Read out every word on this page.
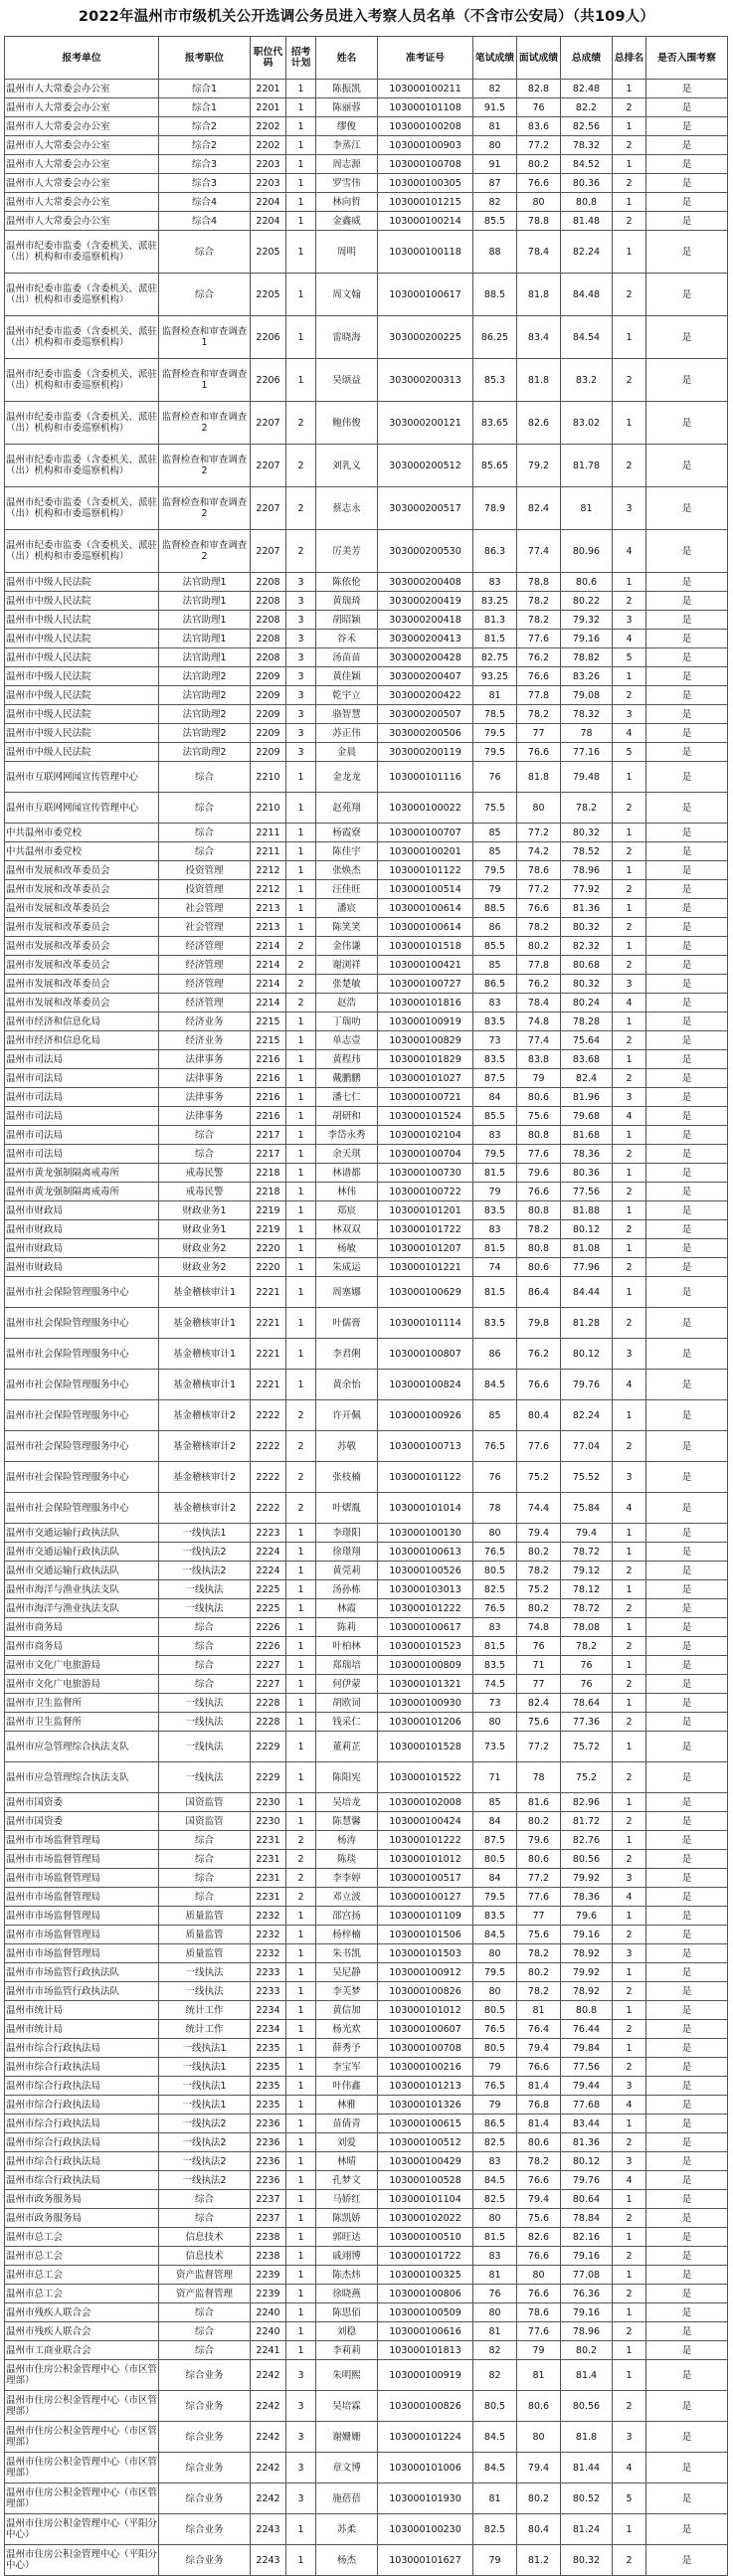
2022年温州市市级机关公开选调公务员进入考察人员名单（不含市公安局）（共109人）
报考单位	报考职位	职位代码	招考计划	姓名	准考证号	笔试成绩	面试成绩	总成绩	总排名	是否入围考察
温州市人大常委会办公室	综合1	2201	1	陈振凯	103000100211	82	82.8	82.48	1	是
温州市人大常委会办公室	综合1	2201	1	陈丽蓉	103000101108	91.5	76	82.2	2	是
温州市人大常委会办公室	综合2	2202	1	缪俊	103000100208	81	83.6	82.56	1	是
温州市人大常委会办公室	综合2	2202	1	李蒸江	103000100903	80	77.2	78.32	2	是
温州市人大常委会办公室	综合3	2203	1	周志源	103000100708	91	80.2	84.52	1	是
温州市人大常委会办公室	综合3	2203	1	罗雪伟	103000100305	87	76.6	80.36	2	是
温州市人大常委会办公室	综合4	2204	1	林向哲	103000101215	82	80	80.8	1	是
温州市人大常委会办公室	综合4	2204	1	金鑫威	103000100214	85.5	78.8	81.48	2	是
温州市纪委市监委（含委机关、派驻（出）机构和市委巡察机构）	综合	2205	1	周明	103000100118	88	78.4	82.24	1	是
温州市纪委市监委（含委机关、派驻（出）机构和市委巡察机构）	综合	2205	1	周文翰	103000100617	88.5	81.8	84.48	2	是
温州市纪委市监委（含委机关、派驻（出）机构和市委巡察机构）	监督检查和审查调查1	2206	1	雷晓海	303000200225	86.25	83.4	84.54	1	是
温州市纪委市监委（含委机关、派驻（出）机构和市委巡察机构）	监督检查和审查调查1	2206	1	吴颂益	303000200313	85.3	81.8	83.2	2	是
温州市纪委市监委（含委机关、派驻（出）机构和市委巡察机构）	监督检查和审查调查2	2207	2	鲍伟俊	303000200121	83.65	82.6	83.02	1	是
温州市纪委市监委（含委机关、派驻（出）机构和市委巡察机构）	监督检查和审查调查2	2207	2	刘乳义	303000200512	85.65	79.2	81.78	2	是
温州市纪委市监委（含委机关、派驻（出）机构和市委巡察机构）	监督检查和审查调查2	2207	2	蔡志永	303000200517	78.9	82.4	81	3	是
温州市纪委市监委（含委机关、派驻（出）机构和市委巡察机构）	监督检查和审查调查2	2207	2	厉美芳	303000200530	86.3	77.4	80.96	4	是
温州市中级人民法院	法官助理1	2208	3	陈依伦	303000200408	83	78.8	80.6	1	是
温州市中级人民法院	法官助理1	2208	3	黄瑞琦	303000200419	83.25	78.2	80.22	2	是
温州市中级人民法院	法官助理1	2208	3	胡昭颖	303000200418	81.3	78.2	79.32	3	是
温州市中级人民法院	法官助理1	2208	3	谷禾	303000200413	81.5	77.6	79.16	4	是
温州市中级人民法院	法官助理1	2208	3	汤苗苗	303000200428	82.75	76.2	78.82	5	是
温州市中级人民法院	法官助理2	2209	3	黄佳颖	303000200407	93.25	76.6	83.26	1	是
温州市中级人民法院	法官助理2	2209	3	乾宇立	303000200422	81	77.8	79.08	2	是
温州市中级人民法院	法官助理2	2209	3	骆智慧	303000200507	78.5	78.2	78.32	3	是
温州市中级人民法院	法官助理2	2209	3	苏正伟	303000200506	79.5	77	78	4	是
温州市中级人民法院	法官助理2	2209	3	金晨	303000200119	79.5	76.6	77.16	5	是
温州市互联网网闻宣传管理中心	综合	2210	1	金龙龙	103000101116	76	81.8	79.48	1	是
温州市互联网网闻宣传管理中心	综合	2210	1	赵苑翔	103000100022	75.5	80	78.2	2	是
中共温州市委党校	综合	2211	1	杨霞寮	103000100707	85	77.2	80.32	1	是
中共温州市委党校	综合	2211	1	陈佳宇	103000100201	85	74.2	78.52	2	是
温州市发展和改革委员会	投资管理	2212	1	张焕杰	103000101122	79.5	78.6	78.96	1	是
温州市发展和改革委员会	投资管理	2212	1	汪佳旺	103000100514	79	77.2	77.92	2	是
温州市发展和改革委员会	社会管理	2213	1	潘宸	103000100614	88.5	76.6	81.36	1	是
温州市发展和改革委员会	社会管理	2213	1	陈笑笑	103000100614	86	78.2	80.32	2	是
温州市发展和改革委员会	经济管理	2214	2	金伟谦	103000101518	85.5	80.2	82.32	1	是
温州市发展和改革委员会	经济管理	2214	2	谢浏祥	103000100421	85	77.8	80.68	2	是
温州市发展和改革委员会	经济管理	2214	2	张楚敏	103000100727	86.5	76.2	80.32	3	是
温州市发展和改革委员会	经济管理	2214	2	赵浩	103000101816	83	78.4	80.24	4	是
温州市经济和信息化局	经济业务	2215	1	丁瑞叻	103000100919	83.5	74.8	78.28	1	是
温州市经济和信息化局	经济业务	2215	1	单志壹	103000100829	73	77.4	75.64	2	是
温州市司法局	法律事务	2216	1	黄程玮	103000101829	83.5	83.8	83.68	1	是
温州市司法局	法律事务	2216	1	戴鹏鹏	103000101027	87.5	79	82.4	2	是
温州市司法局	法律事务	2216	1	潘七仁	103000100721	84	80.6	81.96	3	是
温州市司法局	法律事务	2216	1	胡研和	103000101524	85.5	75.6	79.68	4	是
温州市司法局	综合	2217	1	李岱永秀	103000102104	83	80.8	81.68	1	是
温州市司法局	综合	2217	1	余天琪	103000100704	79.5	77.6	78.36	2	是
温州市黄龙强制隔离戒毒所	戒毒民警	2218	1	林谱都	103000100730	81.5	79.6	80.36	1	是
温州市黄龙强制隔离戒毒所	戒毒民警	2218	1	林伟	103000100722	79	76.6	77.56	2	是
温州市财政局	财政业务1	2219	1	郑宸	103000101201	83.5	80.8	81.88	1	是
温州市财政局	财政业务1	2219	1	林双双	103000101722	83	78.2	80.12	2	是
温州市财政局	财政业务2	2220	1	杨敏	103000101207	81.5	80.8	81.08	1	是
温州市财政局	财政业务2	2220	1	朱成运	103000101221	74	80.6	77.96	2	是
温州市社会保险管理服务中心	基金稽核审计1	2221	1	周塞娜	103000100629	81.5	86.4	84.44	1	是
温州市社会保险管理服务中心	基金稽核审计1	2221	1	叶儒膏	103000101114	83.5	79.8	81.28	2	是
温州市社会保险管理服务中心	基金稽核审计1	2221	1	李君俐	103000100807	86	76.2	80.12	3	是
温州市社会保险管理服务中心	基金稽核审计1	2221	1	黄余怡	103000100824	84.5	76.6	79.76	4	是
温州市社会保险管理服务中心	基金稽核审计2	2222	2	许开佩	103000100926	85	80.4	82.24	1	是
温州市社会保险管理服务中心	基金稽核审计2	2222	2	苏敬	103000100713	76.5	77.6	77.04	2	是
温州市社会保险管理服务中心	基金稽核审计2	2222	2	张枝楠	103000101122	76	75.2	75.52	3	是
温州市社会保险管理服务中心	基金稽核审计2	2222	2	叶熠胤	103000101014	78	74.4	75.84	4	是
温州市交通运输行政执法队	一线执法1	2223	1	李璟阳	103000100130	80	79.4	79.4	1	是
温州市交通运输行政执法队	一线执法2	2224	1	徐璟翔	103000100613	76.5	80.2	78.72	1	是
温州市交通运输行政执法队	一线执法2	2224	1	黄莞莉	103000100526	80.5	78.2	79.12	2	是
温州市海洋与渔业执法支队	一线执法	2225	1	汤孙栋	103000103013	82.5	75.2	78.12	1	是
温州市海洋与渔业执法支队	一线执法	2225	1	林霞	103000101222	76.5	80.2	78.72	2	是
温州市商务局	综合	2226	1	陈莉	103000100617	83	74.8	78.08	1	是
温州市商务局	综合	2226	1	叶柏林	103000101523	81.5	76	78.2	2	是
温州市文化广电旅游局	综合	2227	1	郑瑞培	103000100809	83.5	71	76	1	是
温州市文化广电旅游局	综合	2227	1	何伊蒙	103000101321	74.5	77	76	2	是
温州市卫生监督所	一线执法	2228	1	胡欧词	103000100930	73	82.4	78.64	1	是
温州市卫生监督所	一线执法	2228	1	钱采仁	103000101206	80	75.6	77.36	2	是
温州市应急管理综合执法支队	一线执法	2229	1	董莉芷	103000101528	73.5	77.2	75.72	1	是
温州市应急管理综合执法支队	一线执法	2229	1	陈阳宪	103000101522	71	78	75.2	2	是
温州市国资委	国资监管	2230	1	吴培龙	103000102008	85	81.6	82.96	1	是
温州市国资委	国资监管	2230	1	陈慧馨	103000100424	84	80.2	81.72	2	是
温州市市场监督管理局	综合	2231	2	杨涛	103000101222	87.5	79.6	82.76	1	是
温州市市场监督管理局	综合	2231	2	陈琰	103000101012	80.5	80.6	80.56	2	是
温州市市场监督管理局	综合	2231	2	李李婷	103000100517	84	77.2	79.92	3	是
温州市市场监督管理局	综合	2231	2	邓立波	103000100127	79.5	77.6	78.36	4	是
温州市市场监督管理局	质量监管	2232	1	邵宫扬	103000101109	83.5	77	79.6	1	是
温州市市场监督管理局	质量监管	2232	1	杨梓楠	103000101506	84.5	75.6	79.16	2	是
温州市市场监督管理局	质量监管	2232	1	朱书凯	103000101503	80	78.2	78.92	3	是
温州市市场监管行政执法队	一线执法	2233	1	吴尼静	103000100912	79.5	80.2	79.92	1	是
温州市市场监管行政执法队	一线执法	2233	1	李芙梦	103000100826	80	78.2	78.92	2	是
温州市统计局	统计工作	2234	1	黄信加	103000101012	80.5	81	80.8	1	是
温州市统计局	统计工作	2234	1	杨光欢	103000100607	76.5	76.4	76.44	2	是
温州市综合行政执法局	一线执法1	2235	1	薛秀予	103000100708	80.5	79.4	79.84	1	是
温州市综合行政执法局	一线执法1	2235	1	李宝军	103000100216	79	76.6	77.56	2	是
温州市综合行政执法局	一线执法1	2235	1	叶伟鑫	103000101213	76.5	81.4	79.44	3	是
温州市综合行政执法局	一线执法1	2235	1	林雅	103000101326	79	76.8	77.68	4	是
温州市综合行政执法局	一线执法2	2236	1	苗倩青	103000100615	86.5	81.4	83.44	1	是
温州市综合行政执法局	一线执法2	2236	1	刘爱	103000100512	82.5	80.6	81.36	2	是
温州市综合行政执法局	一线执法2	2236	1	林晴	103000100429	83	78.2	80.12	3	是
温州市综合行政执法局	一线执法2	2236	1	孔梦文	103000100528	84.5	76.6	79.76	4	是
温州市政务服务局	综合	2237	1	马娇红	103000101104	82.5	79.4	80.64	1	是
温州市政务服务局	综合	2237	1	陈凯娇	103000102022	80	75.6	78.84	2	是
温州市总工会	信息技术	2238	1	郭旺达	103000100510	81.5	82.6	82.16	1	是
温州市总工会	信息技术	2238	1	戚翊博	103000101722	83	76.6	79.16	2	是
温州市总工会	资产监督管理	2239	1	陈杰炜	103000100325	81	80	77.08	1	是
温州市总工会	资产监督管理	2239	1	徐晓燕	103000100806	76	76.6	76.36	2	是
温州市残疾人联合会	综合	2240	1	陈思佰	103000100509	80	78.6	79.16	1	是
温州市残疾人联合会	综合	2240	1	刘稳	103000100616	81	77.6	78.96	2	是
温州市工商业联合会	综合	2241	1	李莉莉	103000101813	82	79	80.2	1	是
温州市住房公积金管理中心（市区管理部）	综合业务	2242	3	朱明熙	103000100919	82	81	81.4	1	是
温州市住房公积金管理中心（市区管理部）	综合业务	2242	3	吴培霖	103000100826	80.5	80.6	80.56	2	是
温州市住房公积金管理中心（市区管理部）	综合业务	2242	3	谢姗姗	103000101224	84.5	80	81.8	3	是
温州市住房公积金管理中心（市区管理部）	综合业务	2242	3	章文博	103000101006	84.5	79.4	81.44	4	是
温州市住房公积金管理中心（市区管理部）	综合业务	2242	3	施蓓蓓	103000101930	81	80.2	80.52	5	是
温州市住房公积金管理中心（平阳分中心）	综合业务	2243	1	苏柔	103000100230	82.5	80.4	81.24	1	是
温州市住房公积金管理中心（平阳分中心）	综合业务	2243	1	杨杰	103000101627	79	81.2	80.32	2	是
